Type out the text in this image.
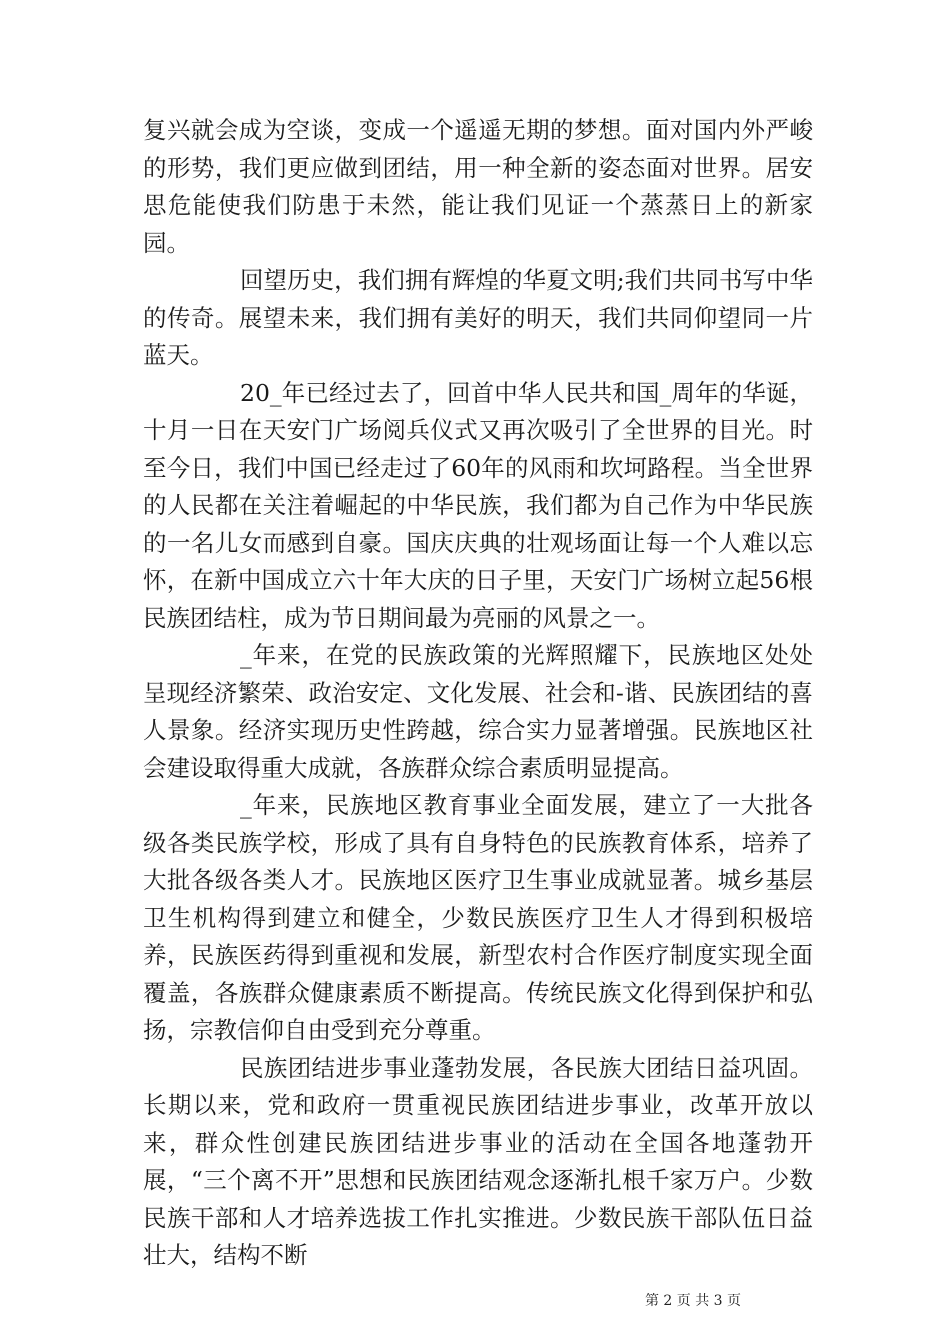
复兴就会成为空谈，变成一个遥遥无期的梦想。面对国内外严峻的形势，我们更应做到团结，用一种全新的姿态面对世界。居安思危能使我们防患于未然，能让我们见证一个蒸蒸日上的新家园。

回望历史，我们拥有辉煌的华夏文明;我们共同书写中华的传奇。展望未来，我们拥有美好的明天，我们共同仰望同一片蓝天。

20_年已经过去了，回首中华人民共和国_周年的华诞，十月一日在天安门广场阅兵仪式又再次吸引了全世界的目光。时至今日，我们中国已经走过了60年的风雨和坎坷路程。当全世界的人民都在关注着崛起的中华民族，我们都为自己作为中华民族的一名儿女而感到自豪。国庆庆典的壮观场面让每一个人难以忘怀，在新中国成立六十年大庆的日子里，天安门广场树立起56根民族团结柱，成为节日期间最为亮丽的风景之一。

_年来，在党的民族政策的光辉照耀下，民族地区处处呈现经济繁荣、政治安定、文化发展、社会和-谐、民族团结的喜人景象。经济实现历史性跨越，综合实力显著增强。民族地区社会建设取得重大成就，各族群众综合素质明显提高。

_年来，民族地区教育事业全面发展，建立了一大批各级各类民族学校，形成了具有自身特色的民族教育体系，培养了大批各级各类人才。民族地区医疗卫生事业成就显著。城乡基层卫生机构得到建立和健全，少数民族医疗卫生人才得到积极培养，民族医药得到重视和发展，新型农村合作医疗制度实现全面覆盖，各族群众健康素质不断提高。传统民族文化得到保护和弘扬，宗教信仰自由受到充分尊重。

民族团结进步事业蓬勃发展，各民族大团结日益巩固。长期以来，党和政府一贯重视民族团结进步事业，改革开放以来，群众性创建民族团结进步事业的活动在全国各地蓬勃开展，“三个离不开”思想和民族团结观念逐渐扎根千家万户。少数民族干部和人才培养选拔工作扎实推进。少数民族干部队伍日益壮大，结构不断

第 2 页 共 3 页
